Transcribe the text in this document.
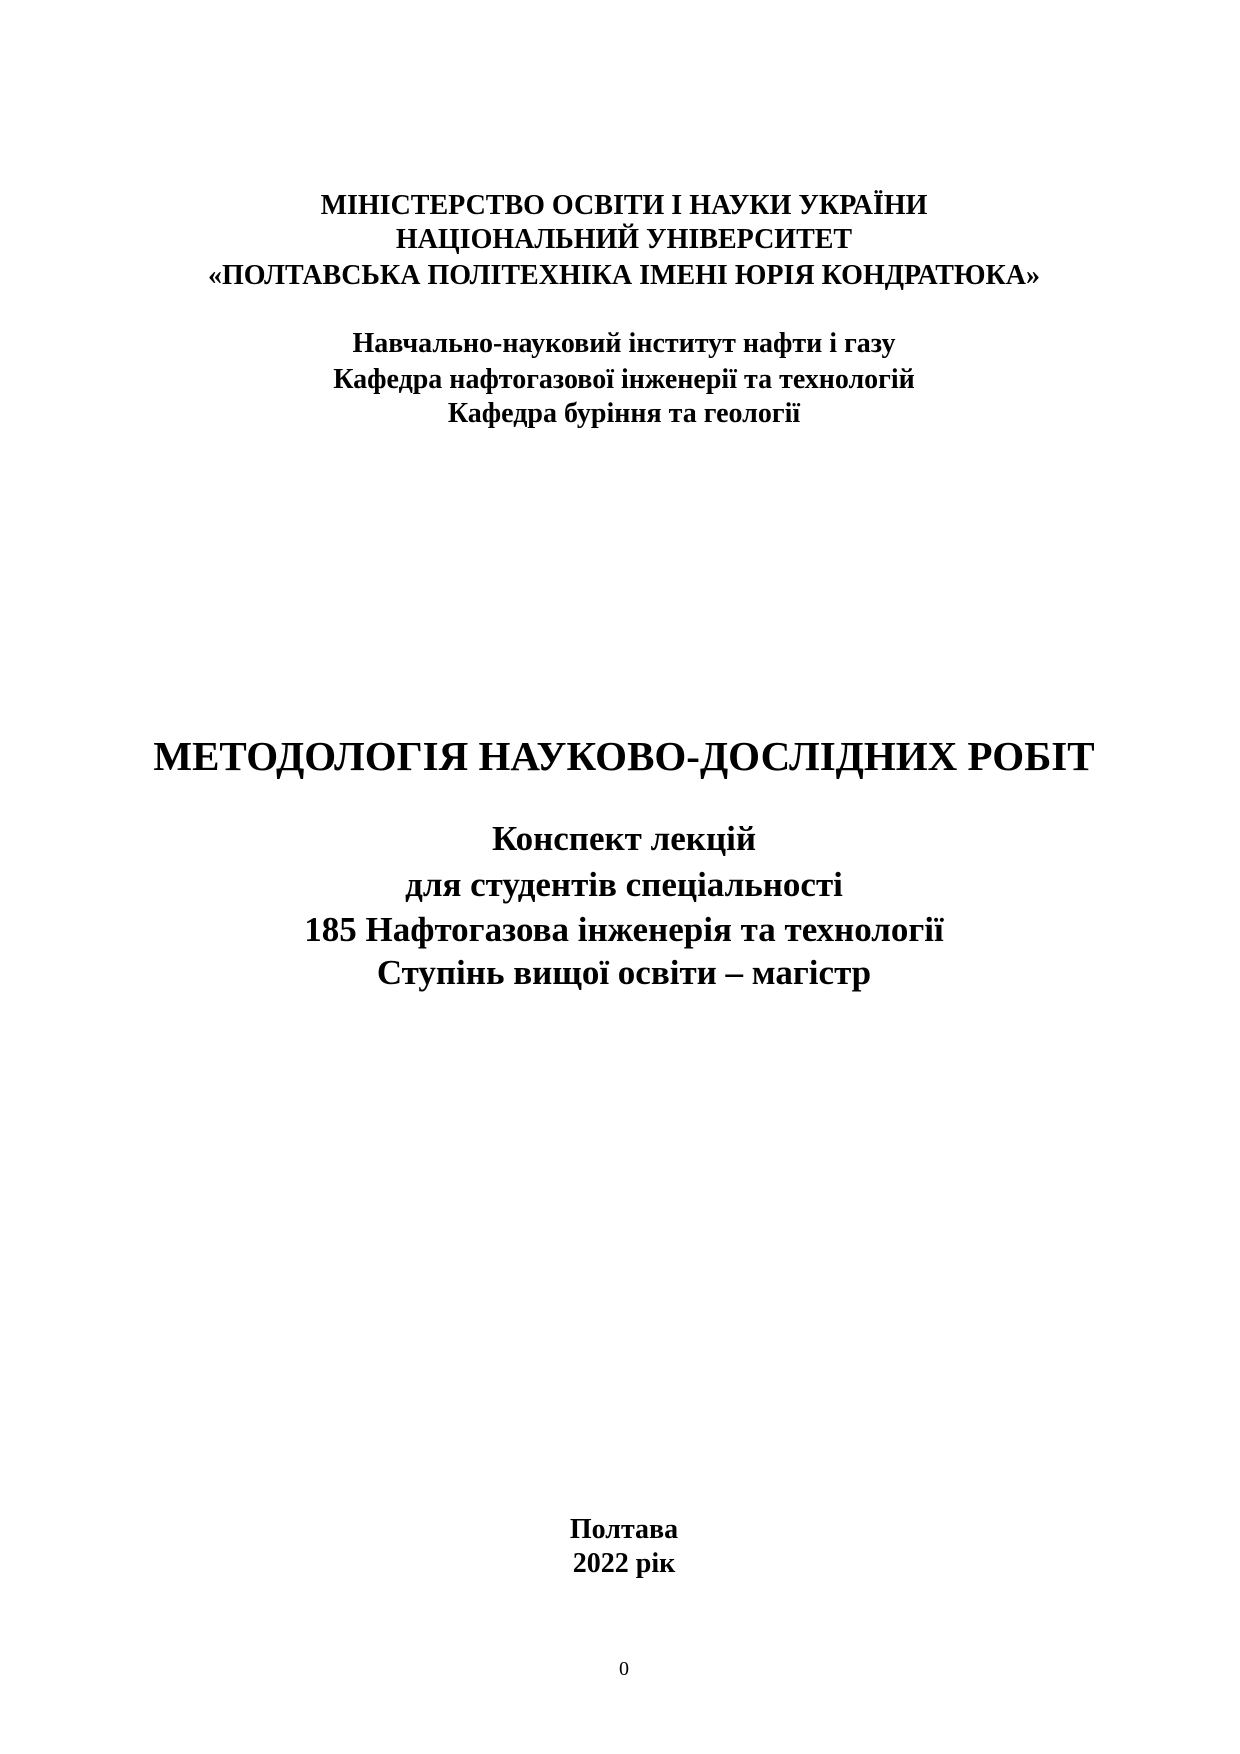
МІНІСТЕРСТВО ОСВІТИ І НАУКИ УКРАЇНИ
НАЦІОНАЛЬНИЙ УНІВЕРСИТЕТ
«ПОЛТАВСЬКА ПОЛІТЕХНІКА ІМЕНІ ЮРІЯ КОНДРАТЮКА»
Навчально-науковий інститут нафти і газу
Кафедра нафтогазової інженерії та технологій
Кафедра буріння та геології
МЕТОДОЛОГІЯ НАУКОВО-ДОСЛІДНИХ РОБІТ
Конспект лекцій
для студентів спеціальності
185 Нафтогазова інженерія та технології
Ступінь вищої освіти – магістр
Полтава
2022 рік
0
